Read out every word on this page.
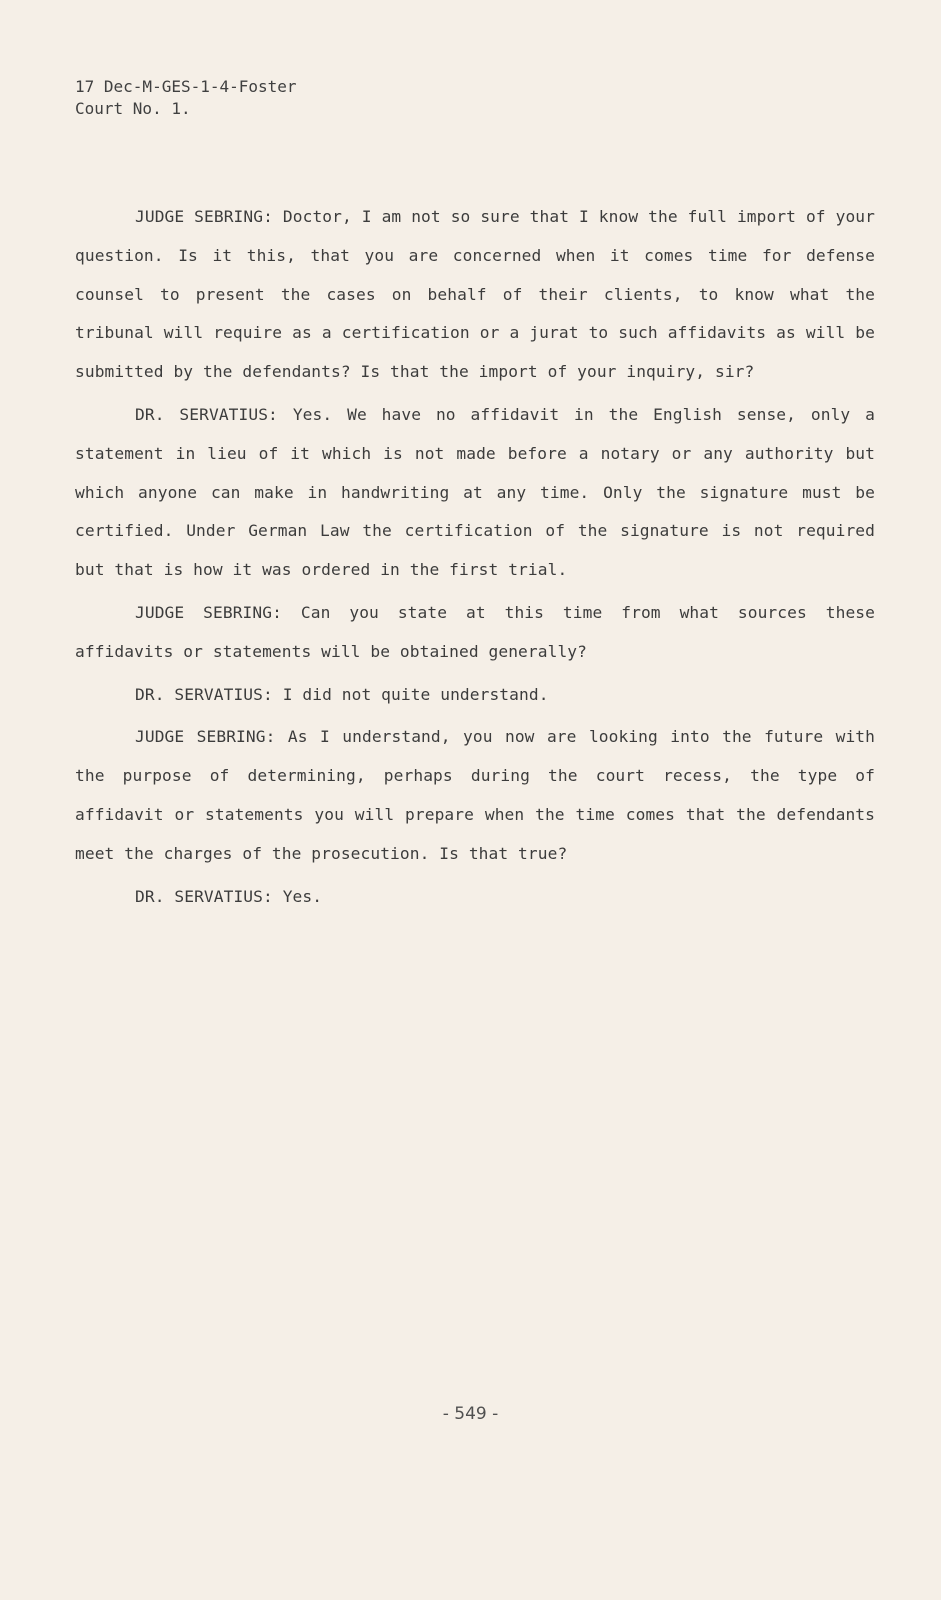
17 Dec-M-GES-1-4-Foster
Court No. 1.

JUDGE SEBRING: Doctor, I am not so sure that I know the full import of your question. Is it this, that you are concerned when it comes time for defense counsel to present the cases on behalf of their clients, to know what the tribunal will require as a certification or a jurat to such affidavits as will be submitted by the defendants? Is that the import of your inquiry, sir?

DR. SERVATIUS: Yes. We have no affidavit in the English sense, only a statement in lieu of it which is not made before a notary or any authority but which anyone can make in handwriting at any time. Only the signature must be certified. Under German Law the certification of the signature is not required but that is how it was ordered in the first trial.

JUDGE SEBRING: Can you state at this time from what sources these affidavits or statements will be obtained generally?

DR. SERVATIUS: I did not quite understand.

JUDGE SEBRING: As I understand, you now are looking into the future with the purpose of determining, perhaps during the court recess, the type of affidavit or statements you will prepare when the time comes that the defendants meet the charges of the prosecution. Is that true?

DR. SERVATIUS: Yes.

- 549 -
